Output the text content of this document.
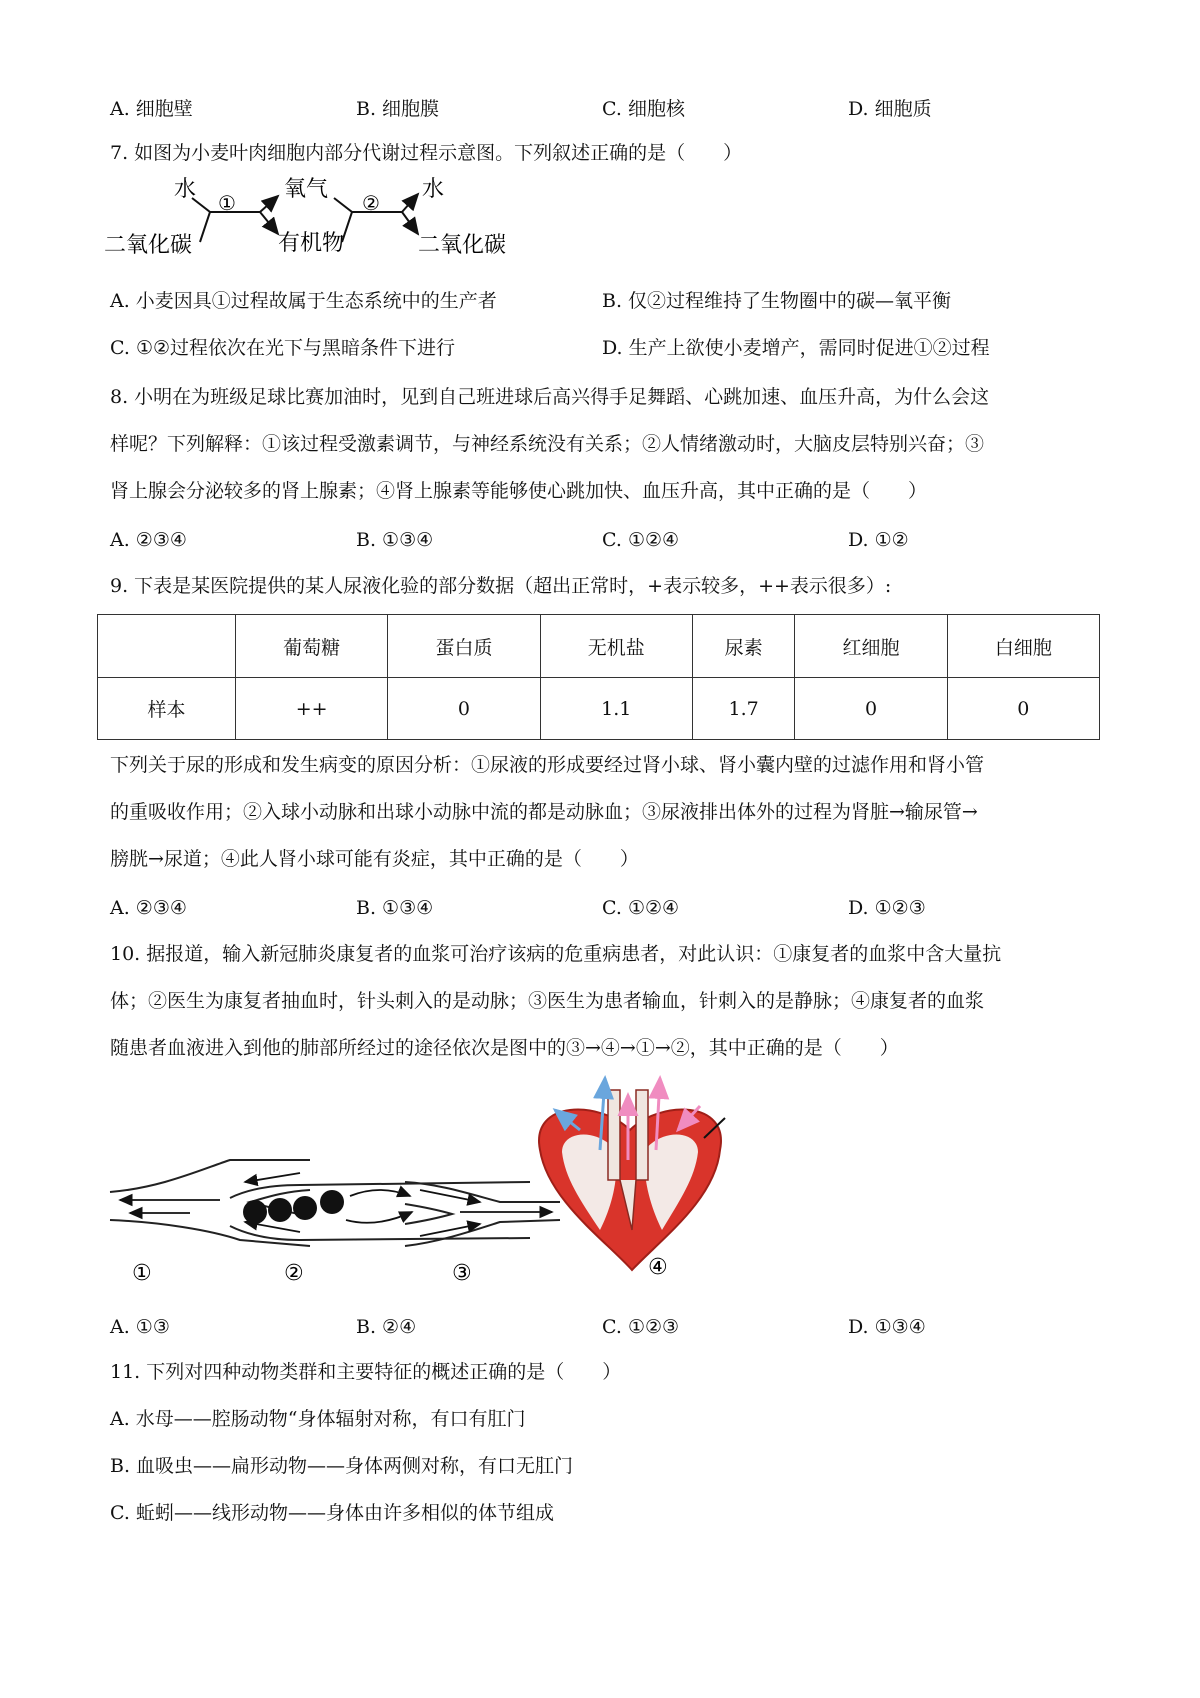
A. 细胞壁	B. 细胞膜	C. 细胞核	D. 细胞质
7. 如图为小麦叶肉细胞内部分代谢过程示意图。下列叙述正确的是（　　）
水
二氧化碳
①
氧气
有机物
②
水
二氧化碳
A. 小麦因具①过程故属于生态系统中的生产者	B. 仅②过程维持了生物圈中的碳—氧平衡
C. ①②过程依次在光下与黑暗条件下进行	D. 生产上欲使小麦增产，需同时促进①②过程
8. 小明在为班级足球比赛加油时，见到自己班进球后高兴得手足舞蹈、心跳加速、血压升高，为什么会这
样呢？下列解释：①该过程受激素调节，与神经系统没有关系；②人情绪激动时，大脑皮层特别兴奋；③
肾上腺会分泌较多的肾上腺素；④肾上腺素等能够使心跳加快、血压升高，其中正确的是（　　）
A. ②③④	B. ①③④	C. ①②④	D. ①②
9. 下表是某医院提供的某人尿液化验的部分数据（超出正常时，+表示较多，++表示很多）:
	葡萄糖	蛋白质	无机盐	尿素	红细胞	白细胞
样本	++	0	1.1	1.7	0	0
下列关于尿的形成和发生病变的原因分析：①尿液的形成要经过肾小球、肾小囊内壁的过滤作用和肾小管
的重吸收作用；②入球小动脉和出球小动脉中流的都是动脉血；③尿液排出体外的过程为肾脏→输尿管→
膀胱→尿道；④此人肾小球可能有炎症，其中正确的是（　　）
A. ②③④	B. ①③④	C. ①②④	D. ①②③
10. 据报道，输入新冠肺炎康复者的血浆可治疗该病的危重病患者，对此认识：①康复者的血浆中含大量抗
体；②医生为康复者抽血时，针头刺入的是动脉；③医生为患者输血，针刺入的是静脉；④康复者的血浆
随患者血液进入到他的肺部所经过的途径依次是图中的③→④→①→②，其中正确的是（　　）
①	②	③	④
A. ①③	B. ②④	C. ①②③	D. ①③④
11. 下列对四种动物类群和主要特征的概述正确的是（　　）
A. 水母——腔肠动物“身体辐射对称，有口有肛门
B. 血吸虫——扁形动物——身体两侧对称，有口无肛门
C. 蚯蚓——线形动物——身体由许多相似的体节组成
